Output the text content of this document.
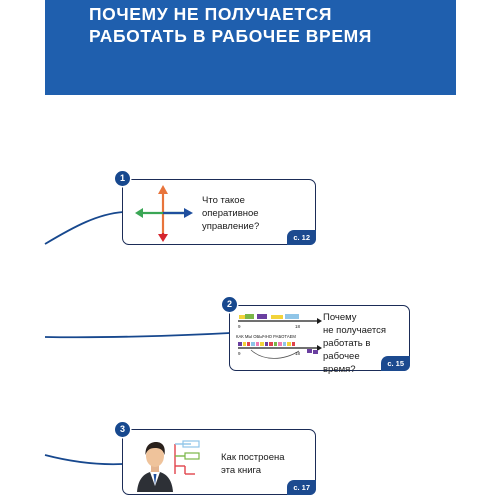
ПОЧЕМУ НЕ ПОЛУЧАЕТСЯ
РАБОТАТЬ В РАБОЧЕЕ ВРЕМЯ
Что такое
оперативное
управление?
с. 12
1
9	18
КАК МЫ ОБЫЧНО РАБОТАЕМ
9	18
Почему
не получается
работать в рабочее
время?
с. 15
2
Как построена
эта книга
с. 17
3
